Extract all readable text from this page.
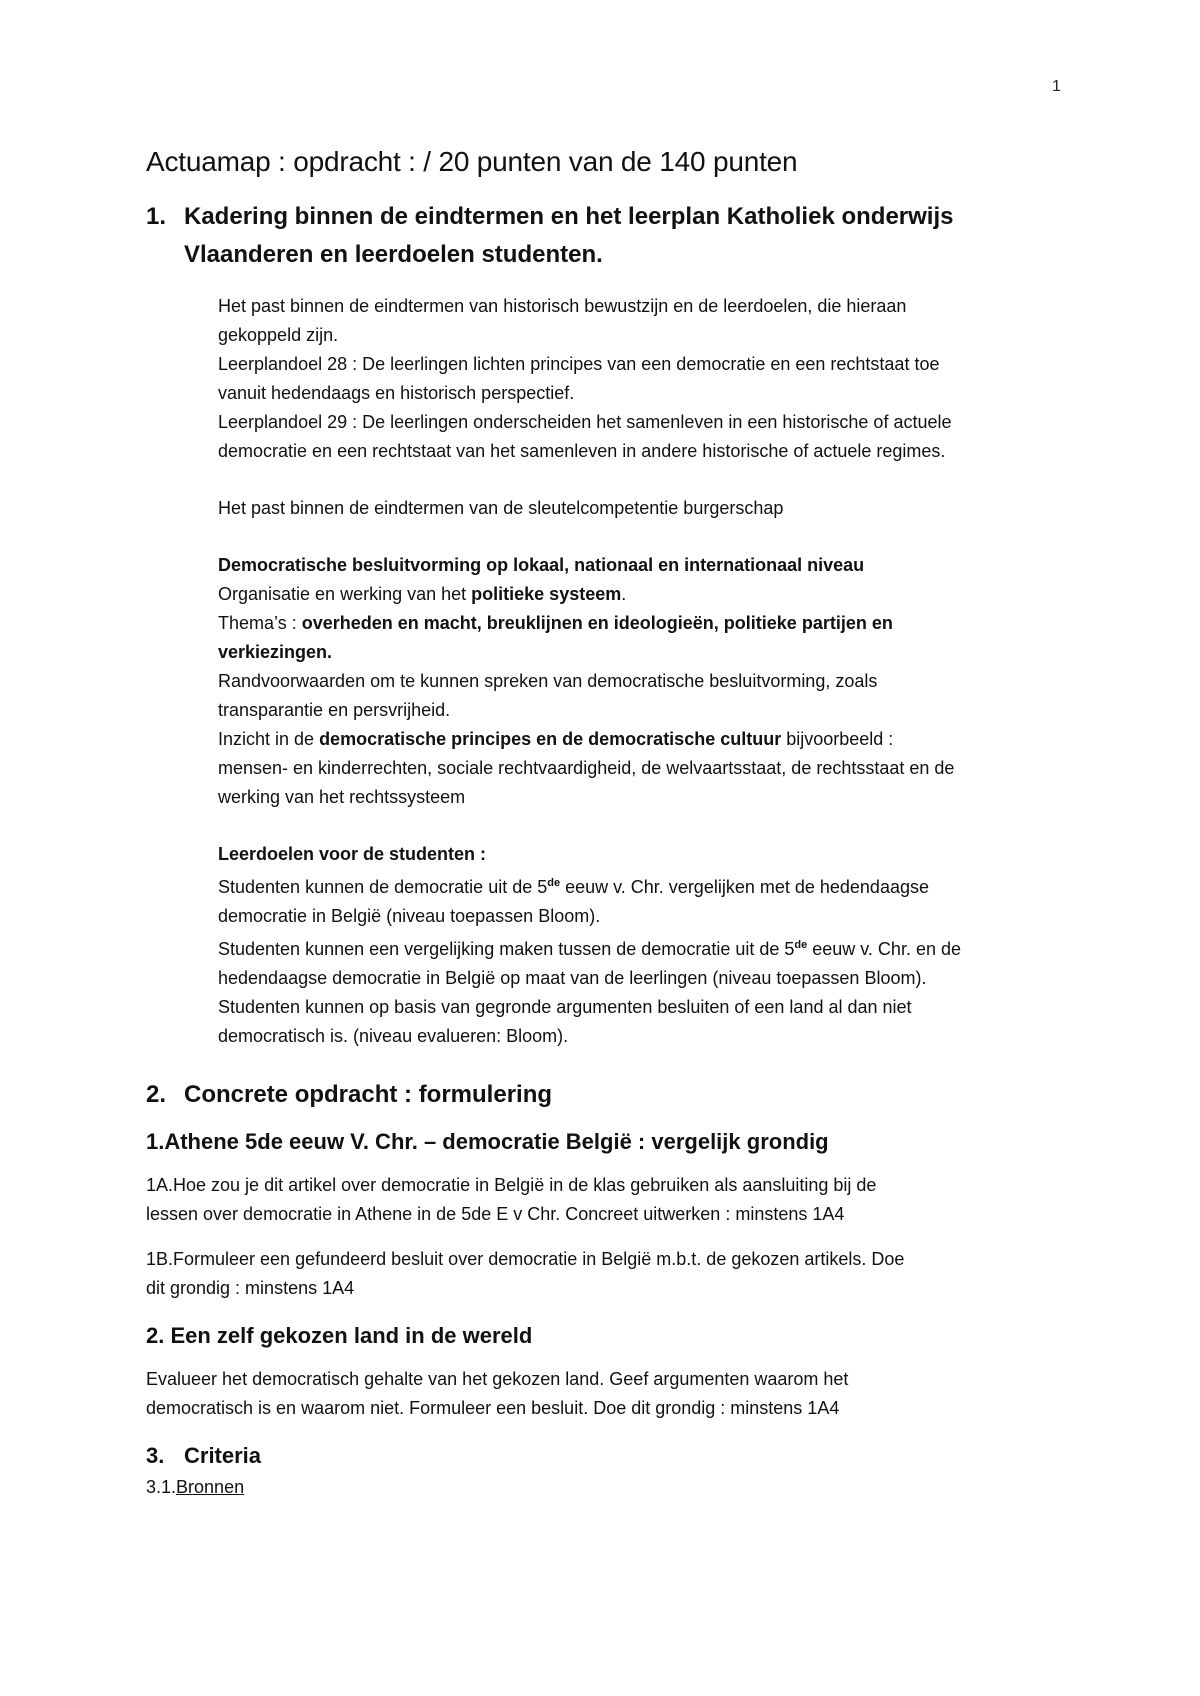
1
Actuamap : opdracht : / 20 punten van de 140 punten
1. Kadering binnen de eindtermen en het leerplan Katholiek onderwijs
Vlaanderen en leerdoelen studenten.

Het past binnen de eindtermen van historisch bewustzijn en de leerdoelen, die hieraan
gekoppeld zijn.

Leerplandoel 28 : De leerlingen lichten principes van een democratie en een rechtstaat toe
vanuit hedendaags en historisch perspectief.

Leerplandoel 29 : De leerlingen onderscheiden het samenleven in een historische of actuele
democratie en een rechtstaat van het samenleven in andere historische of actuele regimes.

Het past binnen de eindtermen van de sleutelcompetentie burgerschap

Democratische besluitvorming op lokaal, nationaal en internationaal niveau

Organisatie en werking van het politieke systeem.

Thema’s : overheden en macht, breuklijnen en ideologieën, politieke partijen en
verkiezingen.

Randvoorwaarden om te kunnen spreken van democratische besluitvorming, zoals
transparantie en persvrijheid.

Inzicht in de democratische principes en de democratische cultuur bijvoorbeeld :

mensen- en kinderrechten, sociale rechtvaardigheid, de welvaartsstaat, de rechtsstaat en de
werking van het rechtssysteem

Leerdoelen voor de studenten :

Studenten kunnen de democratie uit de 5de eeuw v. Chr. vergelijken met de hedendaagse
democratie in België (niveau toepassen Bloom).

Studenten kunnen een vergelijking maken tussen de democratie uit de 5de eeuw v. Chr. en de
hedendaagse democratie in België op maat van de leerlingen (niveau toepassen Bloom).

Studenten kunnen op basis van gegronde argumenten besluiten of een land al dan niet
democratisch is. (niveau evalueren: Bloom).

2. Concrete opdracht : formulering
1.Athene 5de eeuw V. Chr. – democratie België : vergelijk grondig

1A.Hoe zou je dit artikel over democratie in België in de klas gebruiken als aansluiting bij de
lessen over democratie in Athene in de 5de E v Chr. Concreet uitwerken : minstens 1A4

1B.Formuleer een gefundeerd besluit over democratie in België m.b.t. de gekozen artikels. Doe
dit grondig : minstens 1A4

2. Een zelf gekozen land in de wereld

Evalueer het democratisch gehalte van het gekozen land. Geef argumenten waarom het
democratisch is en waarom niet. Formuleer een besluit. Doe dit grondig : minstens 1A4

3. Criteria

3.1.Bronnen
